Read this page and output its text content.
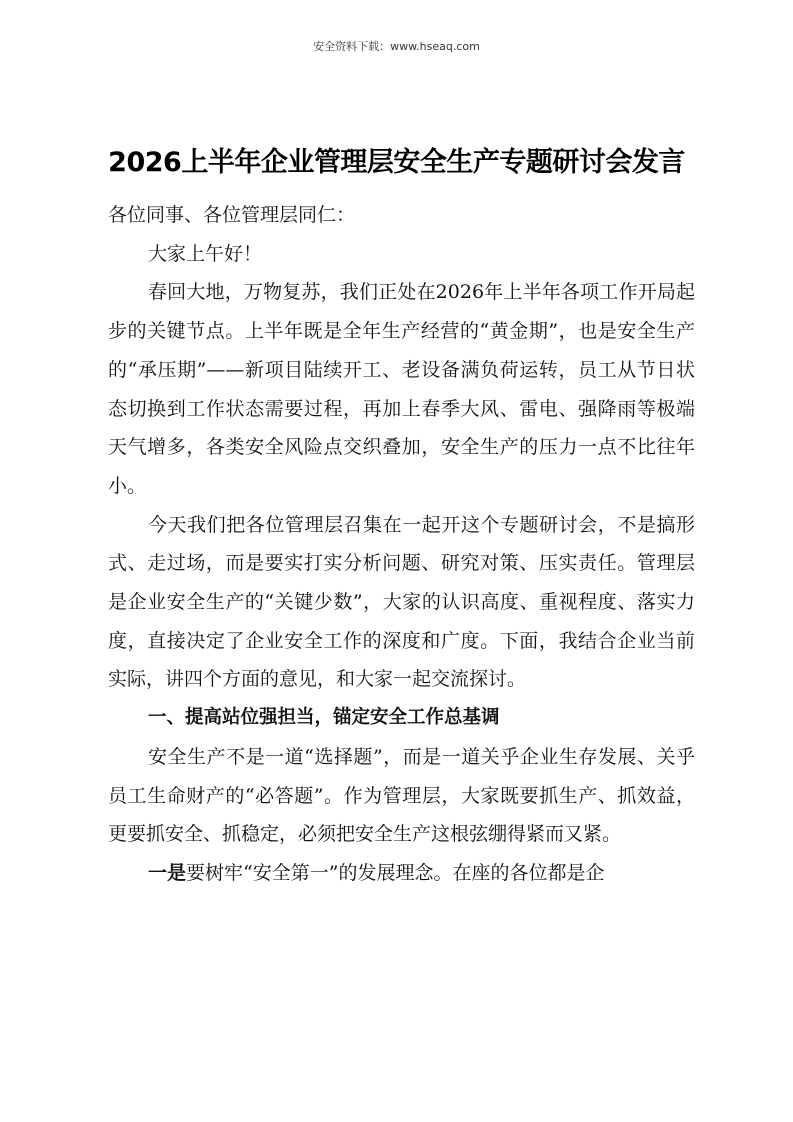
安全资料下载：www.hseaq.com
2026上半年企业管理层安全生产专题研讨会发言

各位同事、各位管理层同仁：

大家上午好！

春回大地，万物复苏，我们正处在2026年上半年各项工作开局起步的关键节点。上半年既是全年生产经营的“黄金期”，也是安全生产的“承压期”——新项目陆续开工、老设备满负荷运转，员工从节日状态切换到工作状态需要过程，再加上春季大风、雷电、强降雨等极端天气增多，各类安全风险点交织叠加，安全生产的压力一点不比往年小。

今天我们把各位管理层召集在一起开这个专题研讨会，不是搞形式、走过场，而是要实打实分析问题、研究对策、压实责任。管理层是企业安全生产的“关键少数”，大家的认识高度、重视程度、落实力度，直接决定了企业安全工作的深度和广度。下面，我结合企业当前实际，讲四个方面的意见，和大家一起交流探讨。

一、提高站位强担当，锚定安全工作总基调

安全生产不是一道“选择题”，而是一道关乎企业生存发展、关乎员工生命财产的“必答题”。作为管理层，大家既要抓生产、抓效益，更要抓安全、抓稳定，必须把安全生产这根弦绷得紧而又紧。

一是要树牢“安全第一”的发展理念。在座的各位都是企
